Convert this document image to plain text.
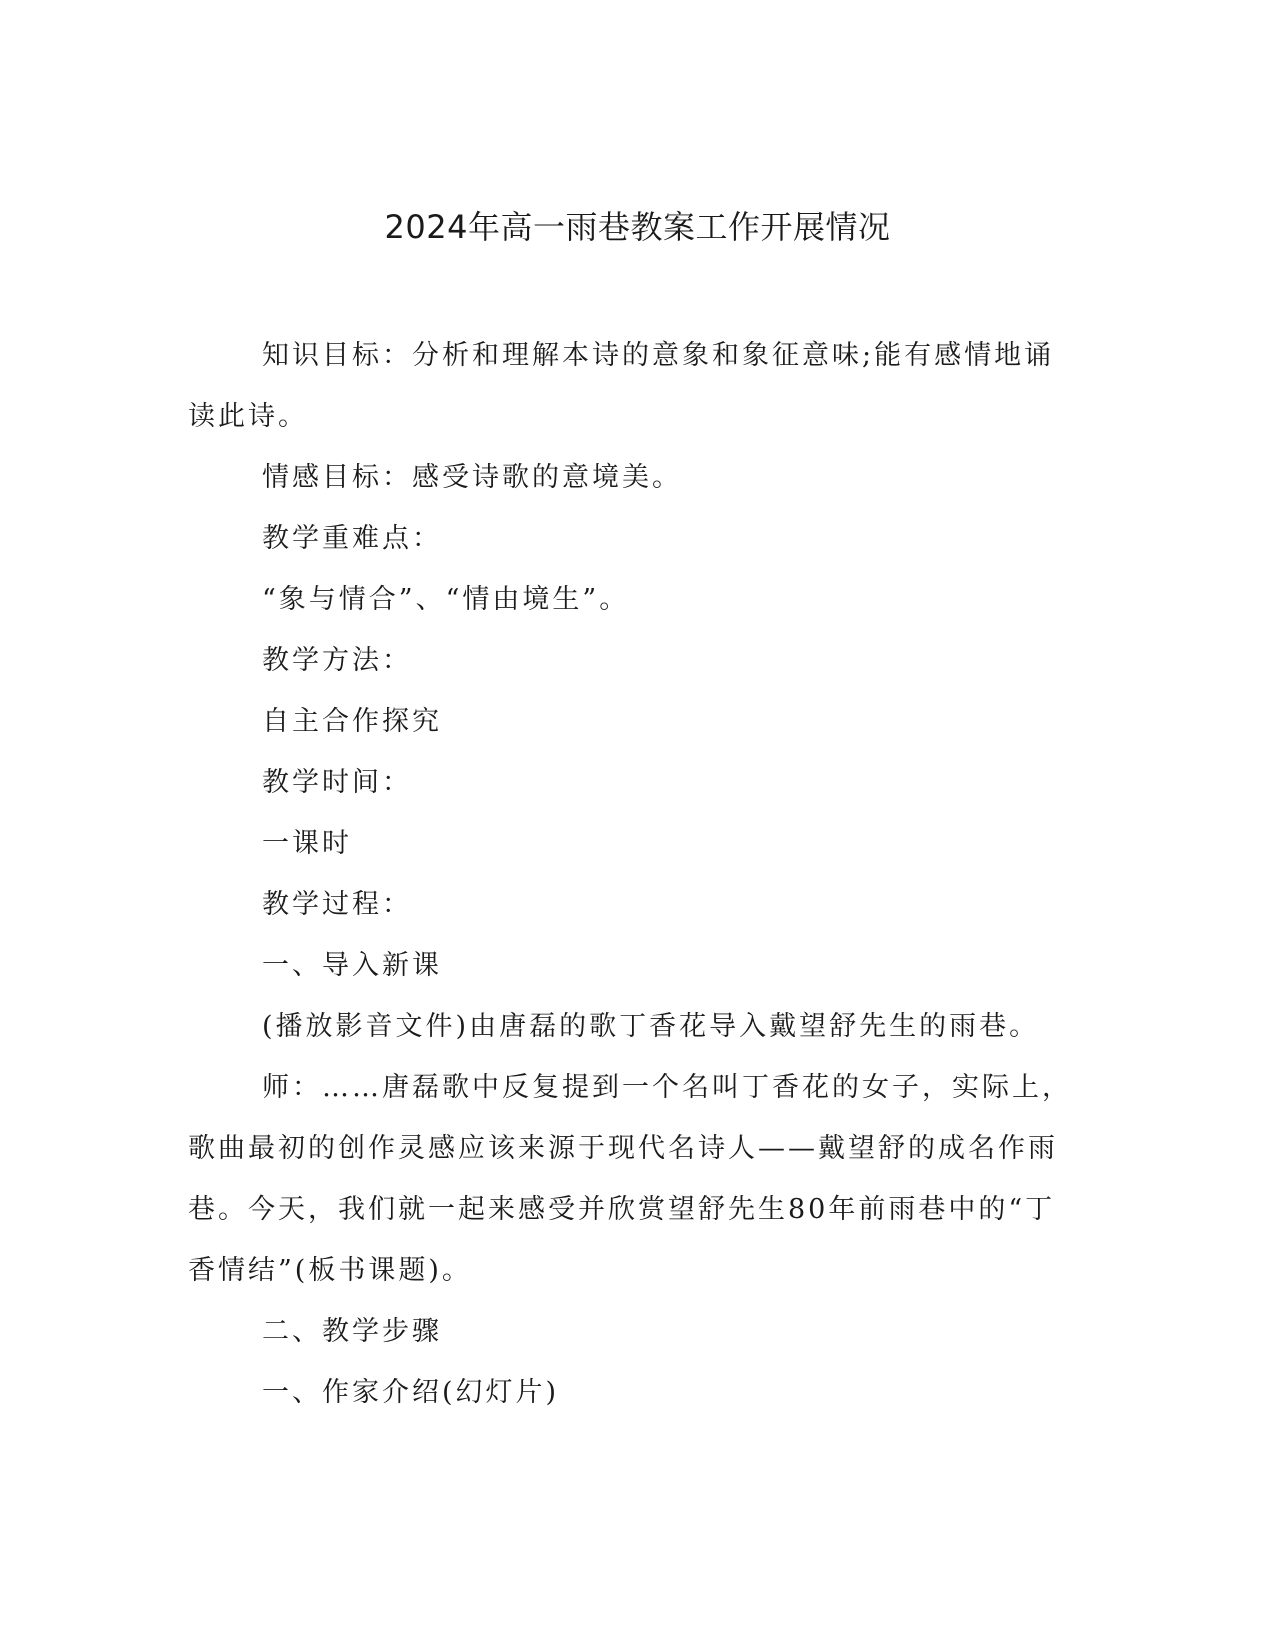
2024年高一雨巷教案工作开展情况

知识目标：分析和理解本诗的意象和象征意味;能有感情地诵读此诗。

情感目标：感受诗歌的意境美。

教学重难点：

“象与情合”、“情由境生”。

教学方法：

自主合作探究

教学时间：

一课时

教学过程：

一、导入新课

(播放影音文件)由唐磊的歌丁香花导入戴望舒先生的雨巷。

师：……唐磊歌中反复提到一个名叫丁香花的女子，实际上，歌曲最初的创作灵感应该来源于现代名诗人——戴望舒的成名作雨巷。今天，我们就一起来感受并欣赏望舒先生80年前雨巷中的“丁香情结”(板书课题)。

二、教学步骤

一、作家介绍(幻灯片)
